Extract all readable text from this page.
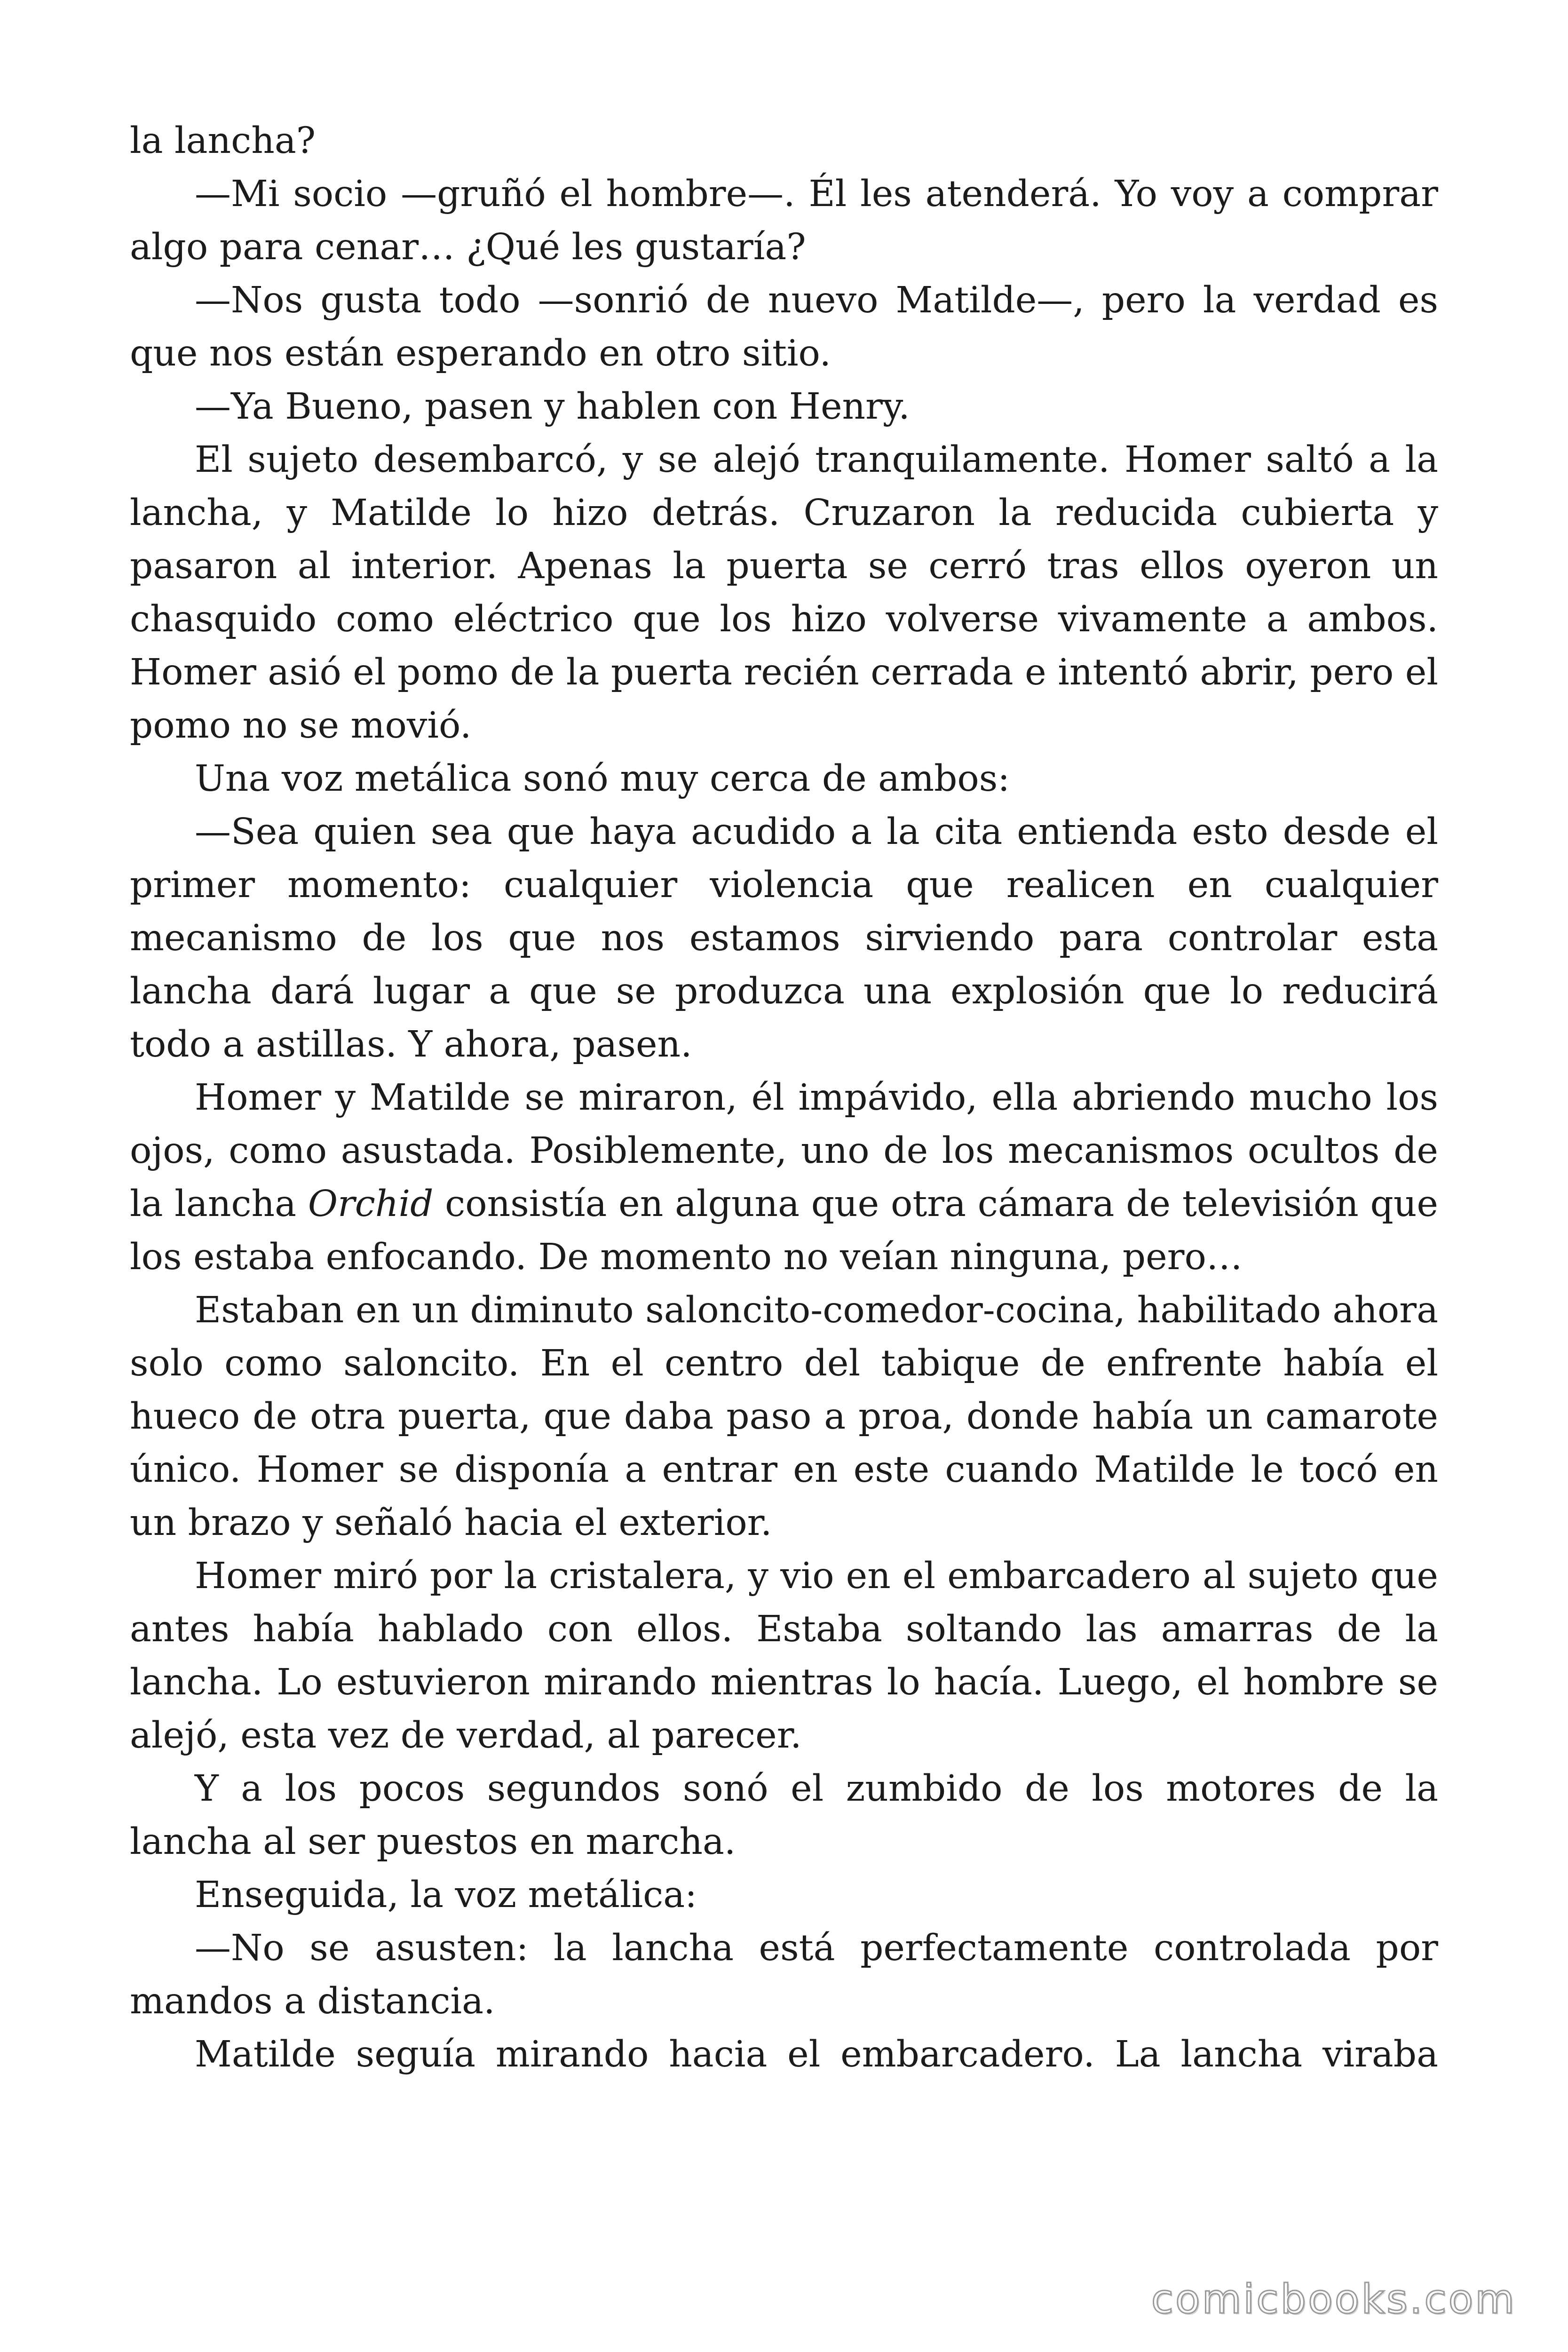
la lancha?

—Mi socio —gruñó el hombre—. Él les atenderá. Yo voy a comprar algo para cenar… ¿Qué les gustaría?

—Nos gusta todo —sonrió de nuevo Matilde—, pero la verdad es que nos están esperando en otro sitio.

—Ya Bueno, pasen y hablen con Henry.

El sujeto desembarcó, y se alejó tranquilamente. Homer saltó a la lancha, y Matilde lo hizo detrás. Cruzaron la reducida cubierta y pasaron al interior. Apenas la puerta se cerró tras ellos oyeron un chasquido como eléctrico que los hizo volverse vivamente a ambos. Homer asió el pomo de la puerta recién cerrada e intentó abrir, pero el pomo no se movió.

Una voz metálica sonó muy cerca de ambos:

—Sea quien sea que haya acudido a la cita entienda esto desde el primer momento: cualquier violencia que realicen en cualquier mecanismo de los que nos estamos sirviendo para controlar esta lancha dará lugar a que se produzca una explosión que lo reducirá todo a astillas. Y ahora, pasen.

Homer y Matilde se miraron, él impávido, ella abriendo mucho los ojos, como asustada. Posiblemente, uno de los mecanismos ocultos de la lancha Orchid consistía en alguna que otra cámara de televisión que los estaba enfocando. De momento no veían ninguna, pero…

Estaban en un diminuto saloncito-comedor-cocina, habilitado ahora solo como saloncito. En el centro del tabique de enfrente había el hueco de otra puerta, que daba paso a proa, donde había un camarote único. Homer se disponía a entrar en este cuando Matilde le tocó en un brazo y señaló hacia el exterior.

Homer miró por la cristalera, y vio en el embarcadero al sujeto que antes había hablado con ellos. Estaba soltando las amarras de la lancha. Lo estuvieron mirando mientras lo hacía. Luego, el hombre se alejó, esta vez de verdad, al parecer.

Y a los pocos segundos sonó el zumbido de los motores de la lancha al ser puestos en marcha.

Enseguida, la voz metálica:

—No se asusten: la lancha está perfectamente controlada por mandos a distancia.

Matilde seguía mirando hacia el embarcadero. La lancha viraba

comicbooks.com
